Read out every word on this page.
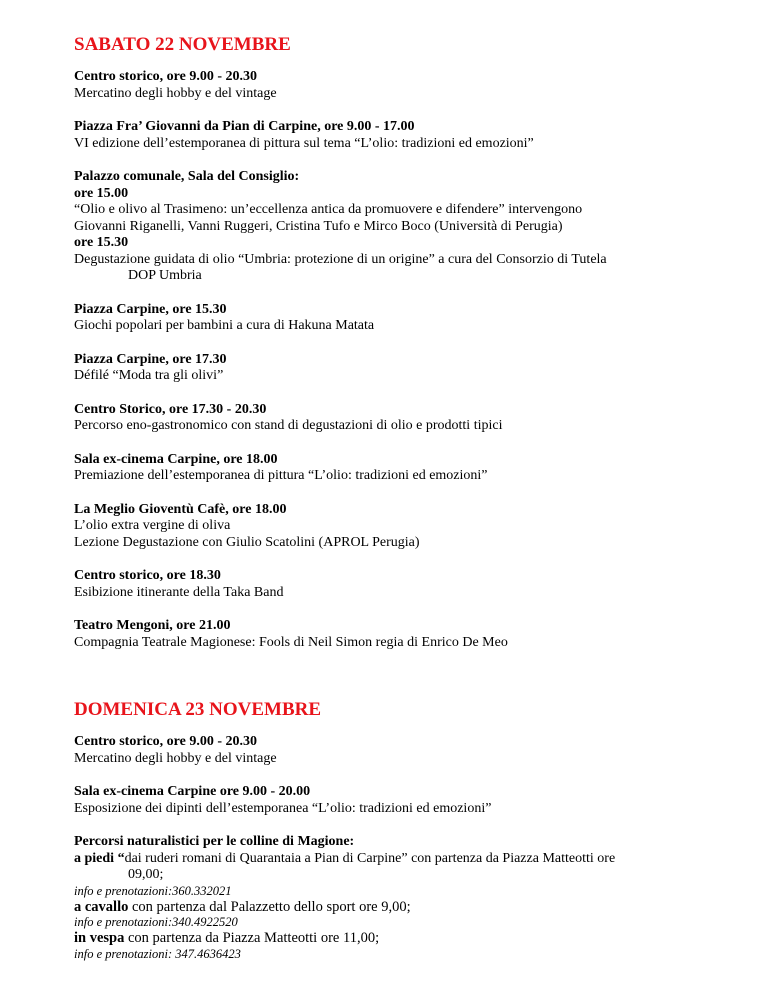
SABATO 22 NOVEMBRE
Centro storico, ore 9.00 - 20.30
Mercatino degli hobby e del vintage
Piazza Fra’ Giovanni da Pian di Carpine, ore 9.00 - 17.00
VI edizione dell’estemporanea di pittura sul tema “L’olio: tradizioni ed emozioni”
Palazzo comunale, Sala del Consiglio:
ore 15.00
“Olio e olivo al Trasimeno: un’eccellenza antica da promuovere e difendere” intervengono
Giovanni Riganelli, Vanni Ruggeri, Cristina Tufo e Mirco Boco (Università di Perugia)
ore 15.30
Degustazione guidata di olio “Umbria: protezione di un origine” a cura del Consorzio di Tutela
DOP Umbria
Piazza Carpine, ore 15.30
Giochi popolari per bambini a cura di Hakuna Matata
Piazza Carpine, ore 17.30
Défilé “Moda tra gli olivi”
Centro Storico, ore 17.30 - 20.30
Percorso eno-gastronomico con stand di degustazioni di olio e prodotti tipici
Sala ex-cinema Carpine, ore 18.00
Premiazione dell’estemporanea di pittura “L’olio: tradizioni ed emozioni”
La Meglio Gioventù Cafè, ore 18.00
L’olio extra vergine di oliva
Lezione Degustazione con Giulio Scatolini (APROL Perugia)
Centro storico, ore 18.30
Esibizione itinerante della Taka Band
Teatro Mengoni, ore 21.00
Compagnia Teatrale Magionese: Fools di Neil Simon regia di Enrico De Meo
DOMENICA 23 NOVEMBRE
Centro storico, ore 9.00 - 20.30
Mercatino degli hobby e del vintage
Sala ex-cinema Carpine ore 9.00 - 20.00
Esposizione dei dipinti dell’estemporanea “L’olio: tradizioni ed emozioni”
Percorsi naturalistici per le colline di Magione:
a piedi “dai ruderi romani di Quarantaia a Pian di Carpine” con partenza da Piazza Matteotti ore
09,00;
info e prenotazioni:360.332021
a cavallo con partenza dal Palazzetto dello sport ore 9,00;
info e prenotazioni:340.4922520
in vespa con partenza da Piazza Matteotti ore 11,00;
info e prenotazioni: 347.4636423
